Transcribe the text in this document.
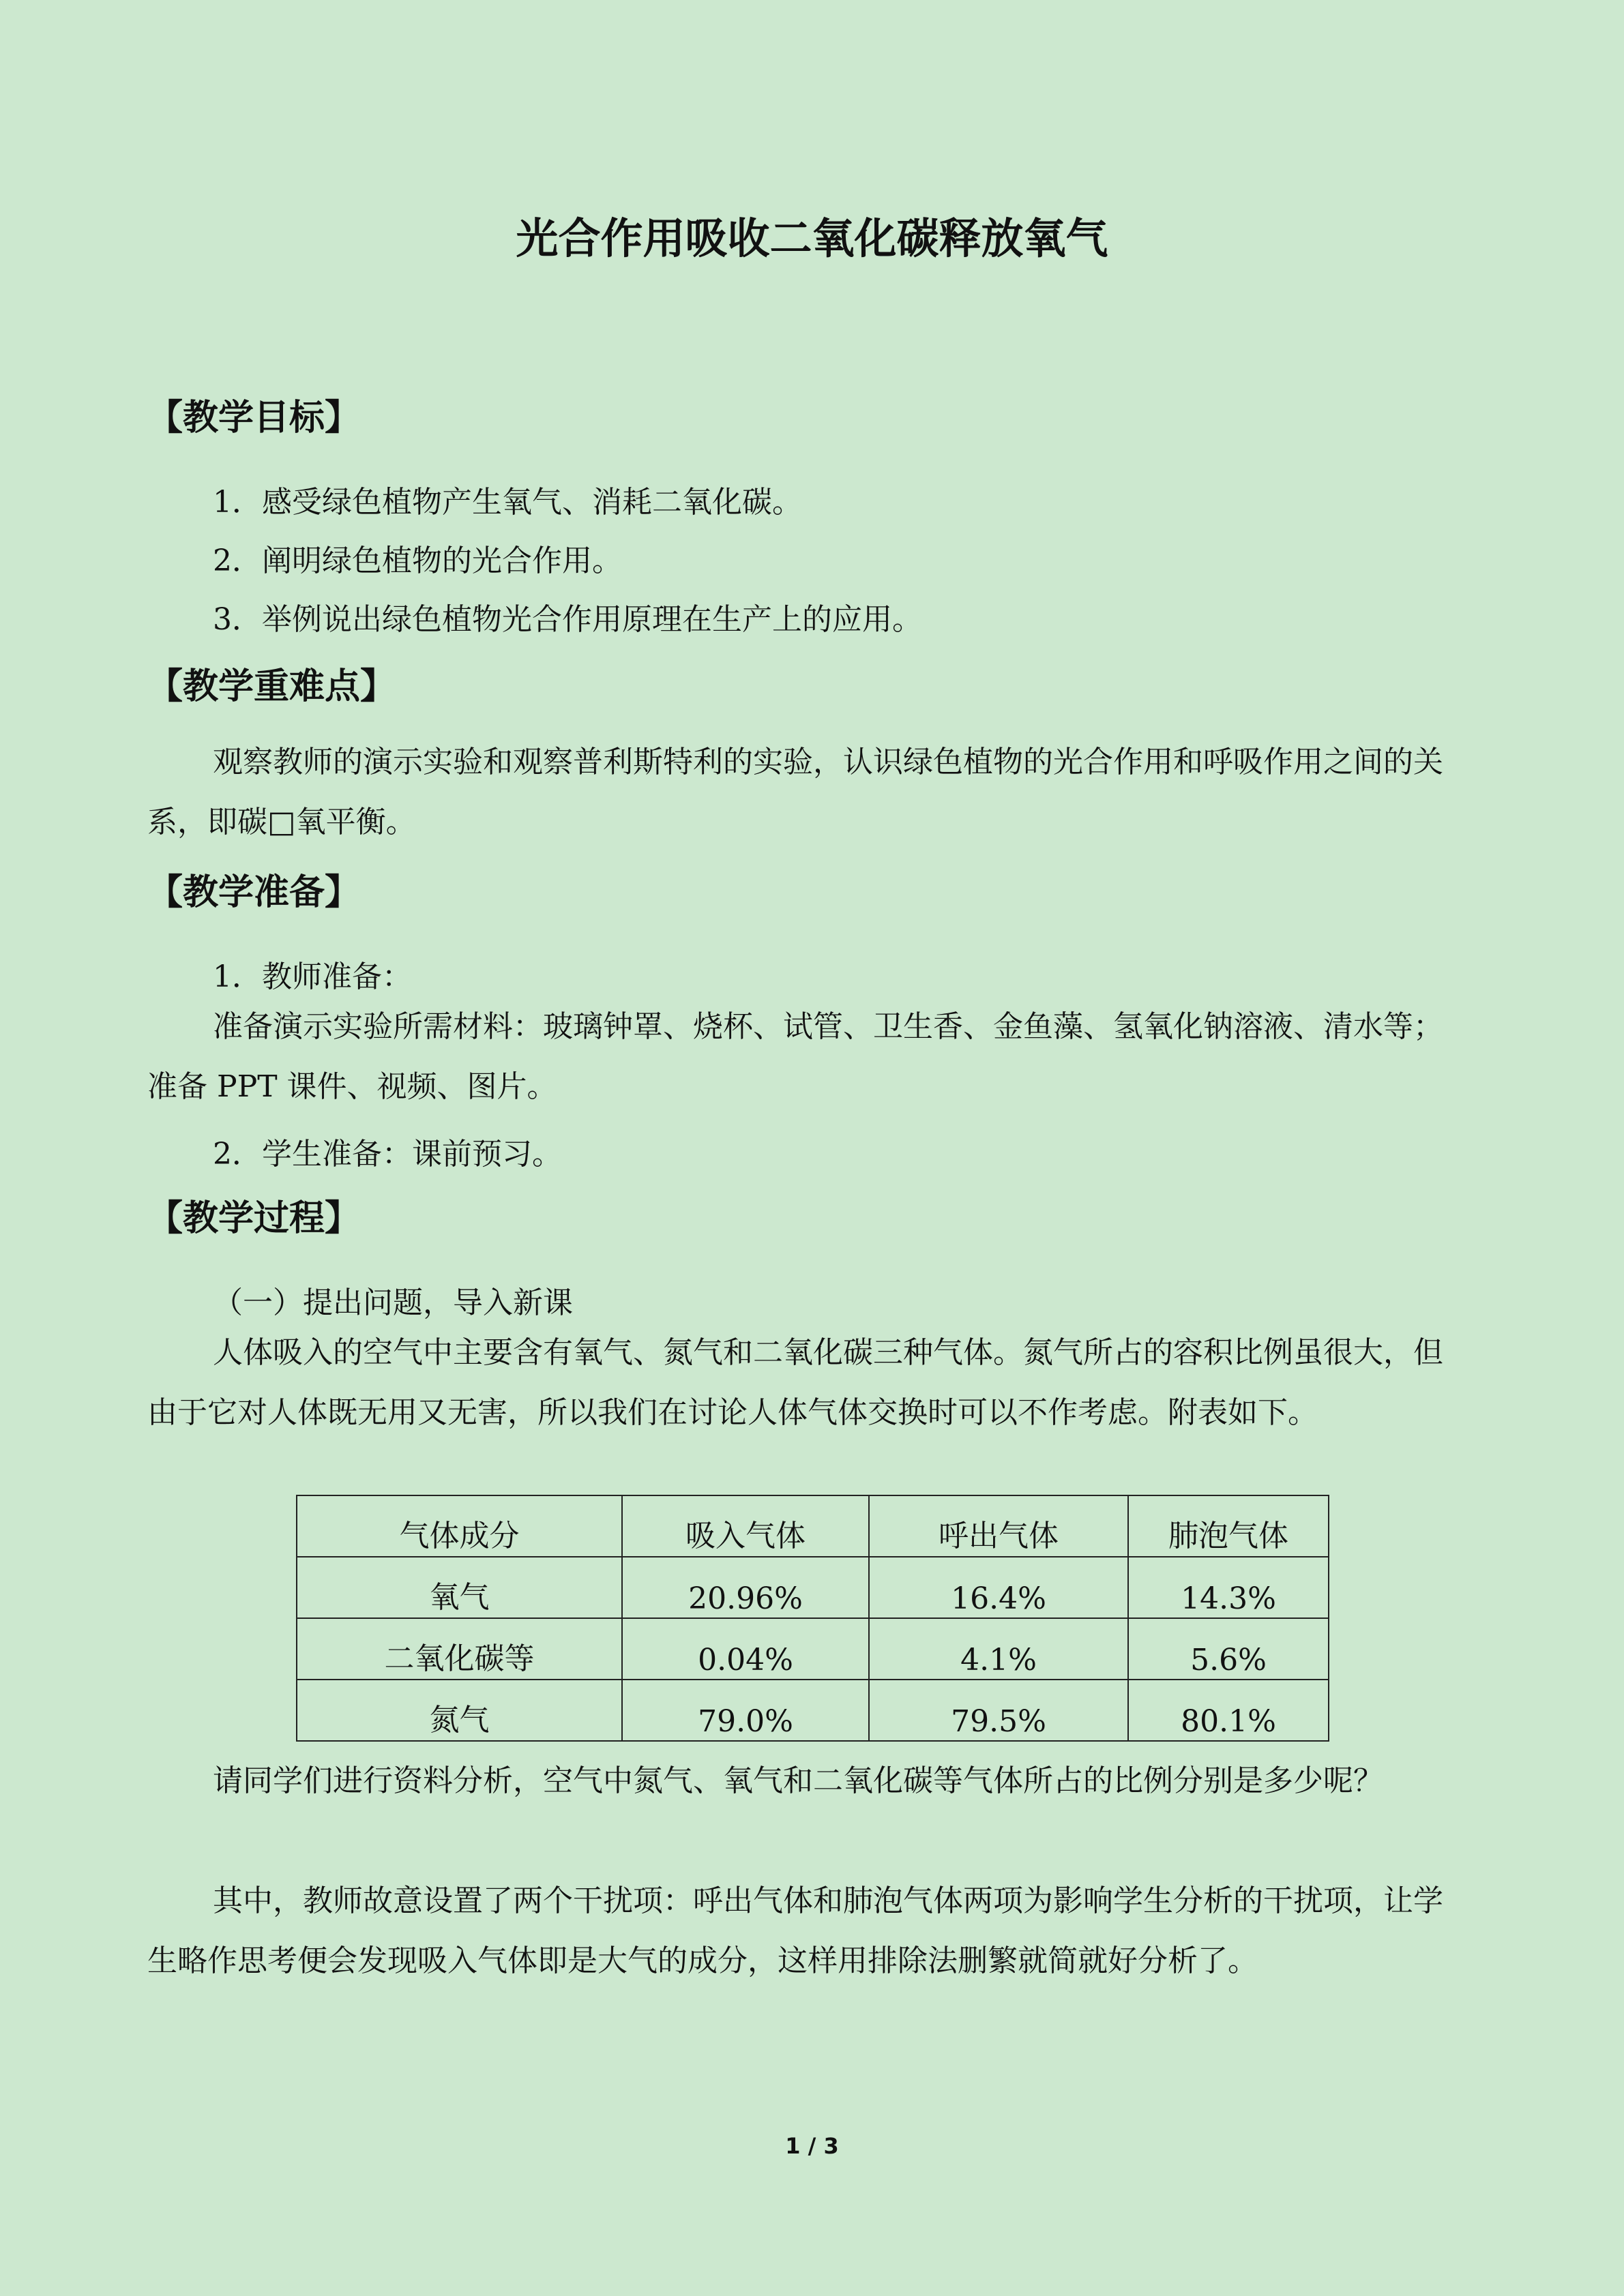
光合作用吸收二氧化碳释放氧气
【教学目标】
1．感受绿色植物产生氧气、消耗二氧化碳。
2．阐明绿色植物的光合作用。
3．举例说出绿色植物光合作用原理在生产上的应用。
【教学重难点】
观察教师的演示实验和观察普利斯特利的实验，认识绿色植物的光合作用和呼吸作用之间的关系，即碳□氧平衡。
【教学准备】
1．教师准备：
准备演示实验所需材料：玻璃钟罩、烧杯、试管、卫生香、金鱼藻、氢氧化钠溶液、清水等；准备 PPT 课件、视频、图片。
2．学生准备：课前预习。
【教学过程】
（一）提出问题，导入新课
人体吸入的空气中主要含有氧气、氮气和二氧化碳三种气体。氮气所占的容积比例虽很大，但由于它对人体既无用又无害，所以我们在讨论人体气体交换时可以不作考虑。附表如下。
气体成分	吸入气体	呼出气体	肺泡气体
氧气	20.96%	16.4%	14.3%
二氧化碳等	0.04%	4.1%	5.6%
氮气	79.0%	79.5%	80.1%
请同学们进行资料分析，空气中氮气、氧气和二氧化碳等气体所占的比例分别是多少呢？
其中，教师故意设置了两个干扰项：呼出气体和肺泡气体两项为影响学生分析的干扰项，让学生略作思考便会发现吸入气体即是大气的成分，这样用排除法删繁就简就好分析了。
1 / 3
